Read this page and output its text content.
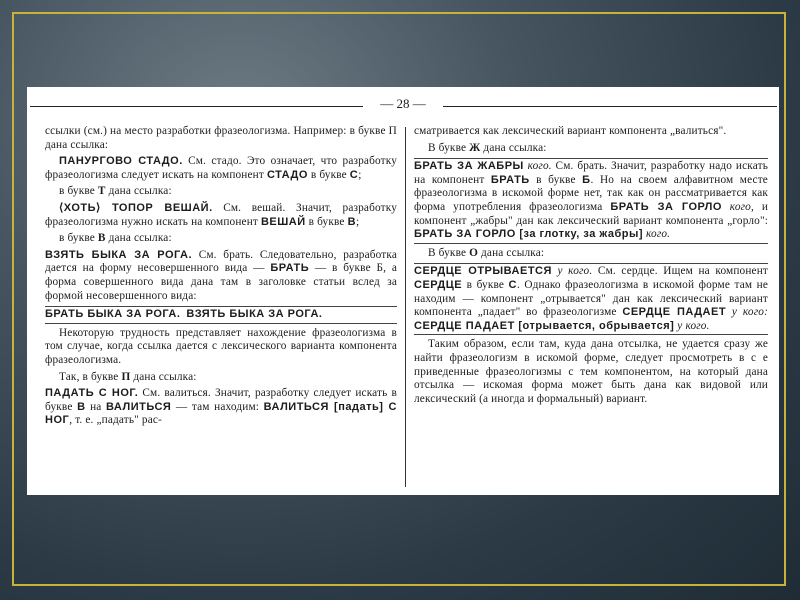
— 28 —

ссылки (см.) на место разработки фразеологизма. Например: в букве П дана ссылка:

ПАНУРГОВО СТАДО. См. стадо. Это означает, что разработку фразеологизма следует искать на компонент СТАДО в букве С;

в букве Т дана ссылка:

⟨ХОТЬ⟩ ТОПОР ВЕШАЙ. См. вешай. Значит, разработку фразеологизма нужно искать на компонент ВЕШАЙ в букве В;

в букве В дана ссылка:

ВЗЯТЬ БЫКА ЗА РОГА. См. брать. Следовательно, разработка дается на форму несовершенного вида — БРАТЬ — в букве Б, а форма совершенного вида дана там в заголовке статьи вслед за формой несовершенного вида:

БРАТЬ БЫКА ЗА РОГА. ВЗЯТЬ БЫКА ЗА РОГА.

Некоторую трудность представляет нахождение фразеологизма в том случае, когда ссылка дается с лексического варианта компонента фразеологизма.

Так, в букве П дана ссылка:

ПАДАТЬ С НОГ. См. валиться. Значит, разработку следует искать в букве В на ВАЛИТЬСЯ — там находим: ВАЛИТЬСЯ [падать] С НОГ, т. е. „падать" рас-

сматривается как лексический вариант компонента „валиться".

В букве Ж дана ссылка:

БРАТЬ ЗА ЖАБРЫ кого. См. брать. Значит, разработку надо искать на компонент БРАТЬ в букве Б. Но на своем алфавитном месте фразеологизма в искомой форме нет, так как он рассматривается как форма употребления фразеологизма БРАТЬ ЗА ГОРЛО кого, и компонент „жабры" дан как лексический вариант компонента „горло": БРАТЬ ЗА ГОРЛО [за глотку, за жабры] кого.

В букве О дана ссылка:

СЕРДЦЕ ОТРЫВАЕТСЯ у кого. См. сердце. Ищем на компонент СЕРДЦЕ в букве С. Однако фразеологизма в искомой форме там не находим — компонент „отрывается" дан как лексический вариант компонента „падает" во фразеологизме СЕРДЦЕ ПАДАЕТ у кого: СЕРДЦЕ ПАДАЕТ [отрывается, обрывается] у кого.

Таким образом, если там, куда дана отсылка, не удается сразу же найти фразеологизм в искомой форме, следует просмотреть в с е приведенные фразеологизмы с тем компонентом, на который дана отсылка — искомая форма может быть дана как видовой или лексический (а иногда и формальный) вариант.
